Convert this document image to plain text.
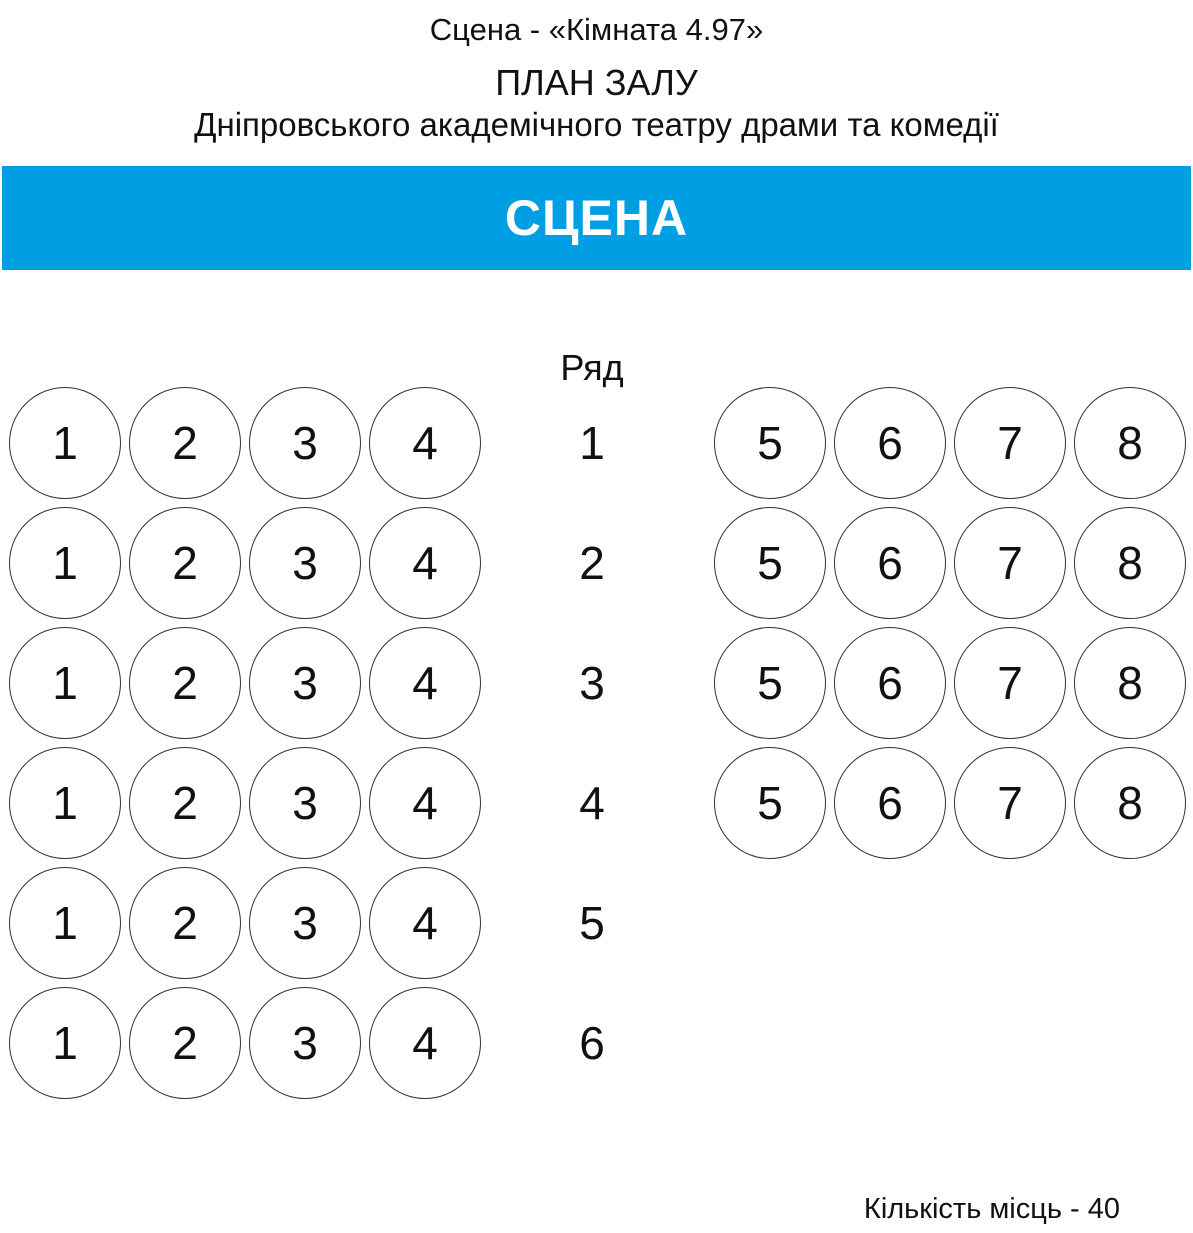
Сцена - «Кімната 4.97»
ПЛАН ЗАЛУ
Дніпровського академічного театру драми та комедії
СЦЕНА
Ряд
1
1	2	3	4	5	6	7	8
2
1	2	3	4	5	6	7	8
3
1	2	3	4	5	6	7	8
4
1	2	3	4	5	6	7	8
5
1	2	3	4
6
1	2	3	4
Кількість місць - 40
